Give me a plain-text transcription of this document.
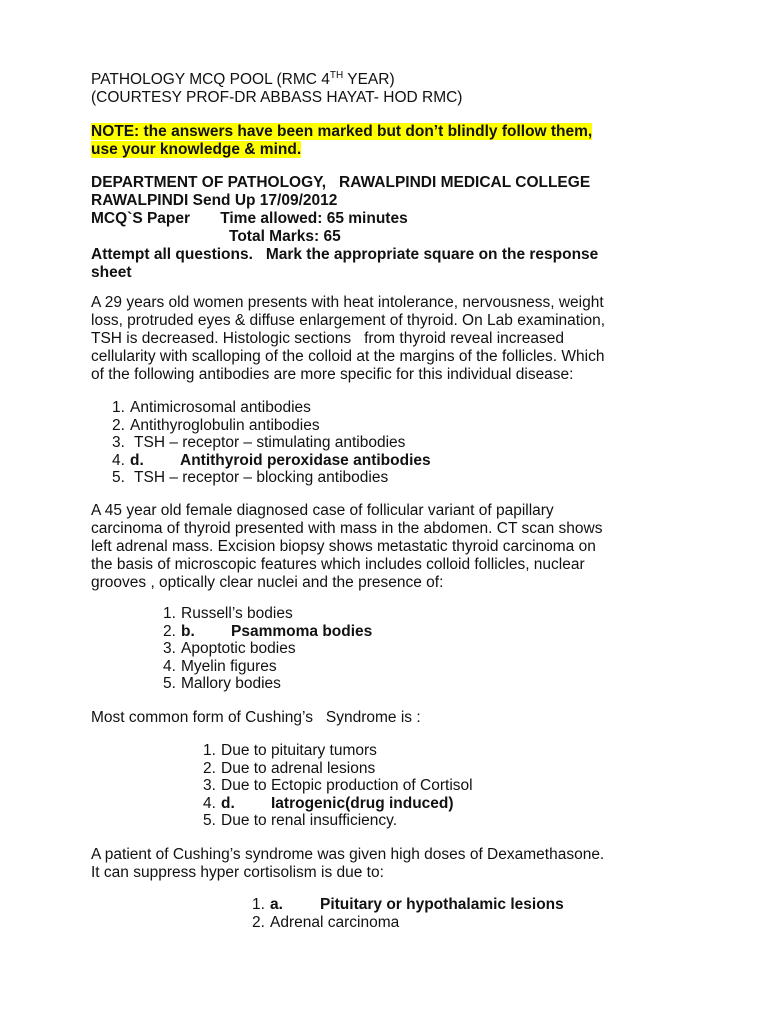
PATHOLOGY MCQ POOL (RMC 4TH YEAR)
(COURTESY PROF-DR ABBASS HAYAT- HOD RMC)
NOTE: the answers have been marked but don’t blindly follow them,
use your knowledge & mind.
DEPARTMENT OF PATHOLOGY,   RAWALPINDI MEDICAL COLLEGE
RAWALPINDI Send Up 17/09/2012
MCQ`S Paper       Time allowed: 65 minutes
Total Marks: 65
Attempt all questions.   Mark the appropriate square on the response
sheet
A 29 years old women presents with heat intolerance, nervousness, weight
loss, protruded eyes & diffuse enlargement of thyroid. On Lab examination,
TSH is decreased. Histologic sections   from thyroid reveal increased
cellularity with scalloping of the colloid at the margins of the follicles. Which
of the following antibodies are more specific for this individual disease:
1. Antimicrosomal antibodies
2. Antithyroglobulin antibodies
3. TSH – receptor – stimulating antibodies
4. d.	Antithyroid peroxidase antibodies
5. TSH – receptor – blocking antibodies
A 45 year old female diagnosed case of follicular variant of papillary
carcinoma of thyroid presented with mass in the abdomen. CT scan shows
left adrenal mass. Excision biopsy shows metastatic thyroid carcinoma on
the basis of microscopic features which includes colloid follicles, nuclear
grooves , optically clear nuclei and the presence of:
1. Russell’s bodies
2. b.	Psammoma bodies
3. Apoptotic bodies
4. Myelin figures
5. Mallory bodies
Most common form of Cushing’s   Syndrome is :
1. Due to pituitary tumors
2. Due to adrenal lesions
3. Due to Ectopic production of Cortisol
4. d.	Iatrogenic(drug induced)
5. Due to renal insufficiency.
A patient of Cushing’s syndrome was given high doses of Dexamethasone.
It can suppress hyper cortisolism is due to:
1. a.	Pituitary or hypothalamic lesions
2. Adrenal carcinoma
